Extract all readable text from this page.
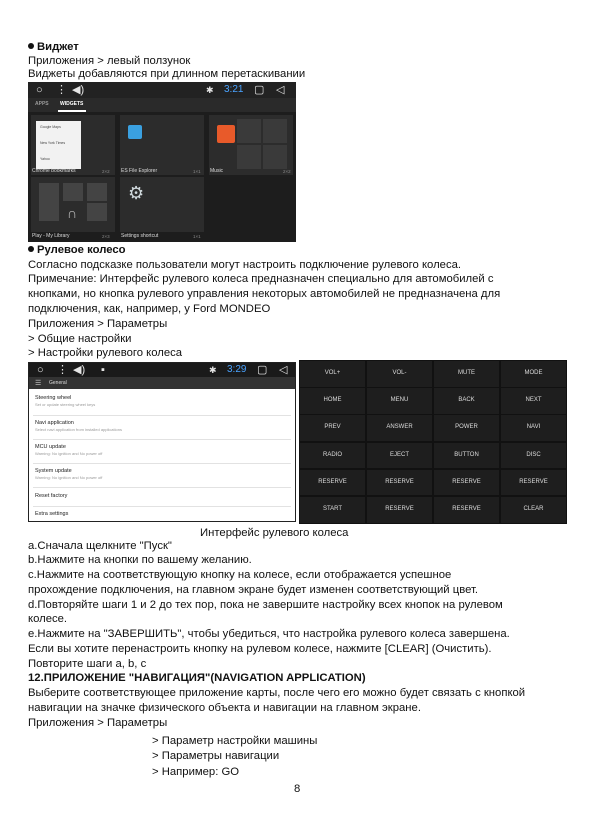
Виджет
Приложения > левый ползунок
Виджеты добавляются при длинном перетаскивании
○ ⋮ ◀︎)	✱ 3:21 ▢ ◁
APPS WIDGETS
Google Maps
New York Times
Yahoo
Chrome bookmarks	2×2 ES File Explorer	1×1 Music	2×2
∩
Play - My Library	2×3
⚙
Settings shortcut	1×1
Рулевое колесо
Согласно подсказке пользователи могут настроить подключение рулевого колеса.
Примечание: Интерфейс рулевого колеса предназначен специально для автомобилей с
кнопками, но кнопка рулевого управления некоторых автомобилей не предназначена для
подключения, как, например, у Ford MONDEO
Приложения > Параметры
> Общие настройки
> Настройки рулевого колеса
○ ⋮ ◀︎) ▪	✱ 3:29 ▢ ◁
☰ General
Steering wheel
Set or update steering wheel keys
Navi application
Select navi application from installed applications
MCU update
Warning: No ignition and No power off
System update
Warning: No ignition and No power off
Reset factory
Extra settings
VOL+	VOL-	MUTE	MODE
HOME	MENU	BACK	NEXT
PREV	ANSWER	POWER	NAVI
RADIO	EJECT	BUTTON	DISC
RESERVE	RESERVE	RESERVE	RESERVE
START	RESERVE	RESERVE	CLEAR
Интерфейс рулевого колеса
a.Сначала щелкните "Пуск"
b.Нажмите на кнопки по вашему желанию.
c.Нажмите на соответствующую кнопку на колесе, если отображается успешное
прохождение подключения, на главном экране будет изменен соответствующий цвет.
d.Повторяйте шаги 1 и 2 до тех пор, пока не завершите настройку всех кнопок на рулевом
колесе.
e.Нажмите на "ЗАВЕРШИТЬ", чтобы убедиться, что настройка рулевого колеса завершена.
Если вы хотите перенастроить кнопку на рулевом колесе, нажмите [CLEAR] (Очистить).
Повторите шаги a, b, c
12.ПРИЛОЖЕНИЕ "НАВИГАЦИЯ"(NAVIGATION APPLICATION)
Выберите соответствующее приложение карты, после чего его можно будет связать с кнопкой
навигации на значке физического объекта и навигации на главном экране.
Приложения > Параметры
> Параметр настройки машины
> Параметры навигации
> Например: GO
8
